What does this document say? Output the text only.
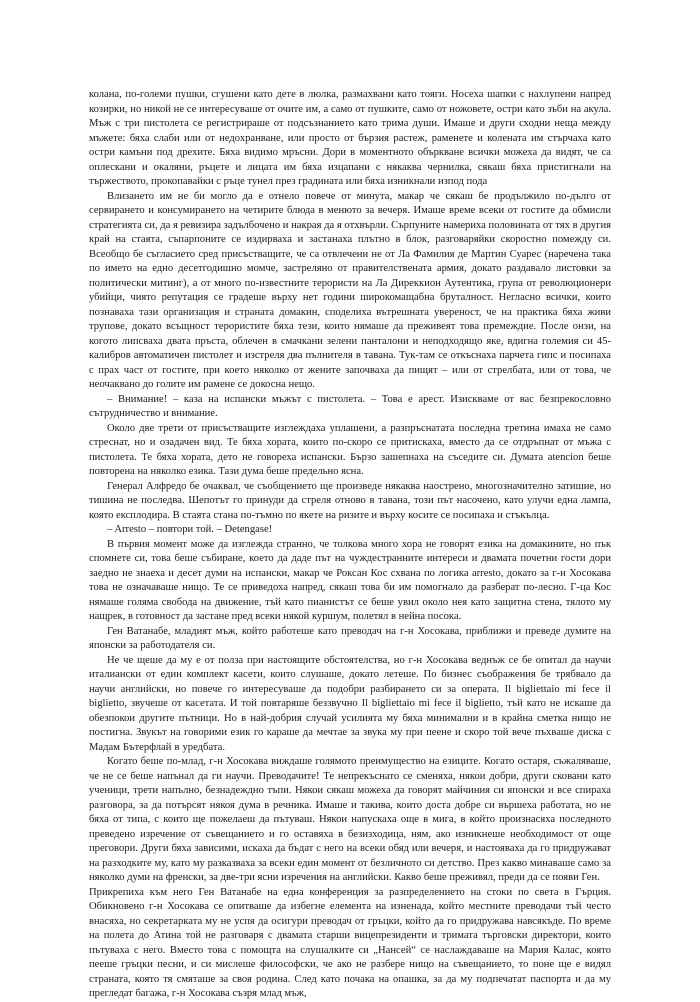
колана, по-големи пушки, сгушени като дете в люлка, размахвани като тояги. Носеха шапки с нахлупени напред козирки, но никой не се интересуваше от очите им, а само от пушките, само от ножовете, остри като зъби на акула. Мъж с три пистолета се регистрираше от подсъзнанието като трима души. Имаше и други сходни неща между мъжете: бяха слаби или от недохранване, или просто от бързия растеж, раменете и колената им стърчаха като остри камъни под дрехите. Бяха видимо мръсни. Дори в моментното объркване всички можеха да видят, че са оплескани и окаляни, ръцете и лицата им бяха изцапани с някаква чернилка, сякаш бяха пристигнали на тържеството, прокопавайки с ръце тунел през градината или бяха изникнали изпод пода

Влизането им не би могло да е отнело повече от минута, макар че сякаш бе продължило по-дълго от сервирането и консумирането на четирите блюда в менюто за вечеря. Имаше време всеки от гостите да обмисли стратегията си, да я ревизира задълбочено и накрая да я отхвърли. Сърпуните намериха половината от тях в другия край на стаята, съпарпоните се издирваха и застанаха плътно в блок, разговаряйки скоростно помежду си. Всеобщо бе съгласието сред присъстващите, че са отвлечени не от Ла Фамилия де Мартин Суарес (наречена така по името на едно десетгодишно момче, застреляно от правителствената армия, докато раздавало листовки за политически митинг), а от много по-известните терористи на Ла Диреккион Аутентика, група от революционери убийци, чиято репутация се градеше върху нет години широкомащабна бруталност. Негласно всички, които познаваха тази организация и страната домакин, споделиха вътрешната увереност, че на практика бяха живи трупове, докато всъщност терористите бяха тези, които нямаше да преживеят това премеждие. После онзи, на когото липсваха двата пръста, облечен в смачкани зелени панталони и неподходящо яке, вдигна големия си 45-калибров автоматичен пистолет и изстреля два пълнителя в тавана. Тук-там се откъснаха парчета гипс и посипаха с прах част от гостите, при което няколко от жените започваха да пищят – или от стрелбата, или от това, че неочаквано до голите им рамене се докосна нещо.

– Внимание! – каза на испански мъжът с пистолета. – Това е арест. Изискваме от вас безпрекословно сътрудничество и внимание.

Около две трети от присъстващите изглеждаха уплашени, а разпръснатата последна третина имаха не само стреснат, но и озадачен вид. Те бяха хората, които по-скоро се притискаха, вместо да се отдръпнат от мъжа с пистолета. Те бяха хората, дето не говореха испански. Бързо зашепнаха на съседите си. Думата atencion беше повторена на няколко езика. Тази дума беше предельно ясна.

Генерал Алфредо бе очаквал, че съобщението ще произведе някаква наострено, многозначително затишие, но тишина не последва. Шепотът го принуди да стреля отново в тавана, този път насочено, като улучи една лампа, която експлодира. В стаята стана по-тъмно по якете на ризите и върху косите се посипаха и стъкълца.

– Arresto – повтори той. – Detengase!

В първия момент може да изглежда странно, че толкова много хора не говорят езика на домакините, но пък спомнете си, това беше събиране, което да даде път на чуждестранните интереси и двамата почетни гости дори заедно не знаеха и десет думи на испански, макар че Роксан Кос схвана по логика arresto, докато за г-н Хосокава това не означаваше нищо. Те се приведоха напред, сякаш това би им помогнало да разберат по-лесно. Г-ца Кос нямаше голяма свобода на движение, тъй като пианистът се беше увил около нея като защитна стена, тялото му нащрек, в готовност да застане пред всеки някой куршум, полетял в нейна посока.

Ген Ватанабе, младият мъж, който работеше като преводач на г-н Хосокава, приближи и преведе думите на японски за работодателя си.

Не че щеше да му е от полза при настоящите обстоятелства, но г-н Хосокава веднъж се бе опитал да научи италиански от един комплект касети, които слушаше, докато летеше. По бизнес съображения бе трябвало да научи английски, но повече го интересуваше да подобри разбирането си за операта. Il bigliettaio mi fece il biglietto, звучеше от касетата. И той повтаряше беззвучно Il bigliettaio mi fece il biglietto, тъй като не искаше да обезпокои другите пътници. Но в най-добрия случай усилията му бяха минимални и в крайна сметка нищо не постигна. Звукът на говорими език го караше да мечтае за звука му при пеене и скоро той вече пъхваше диска с Мадам Бътерфлай в уредбата.

Когато беше по-млад, г-н Хосокава виждаше голямото преимущество на езиците. Когато остаря, съжаляваше, че не се беше напънал да ги научи. Преводачите! Те непрекъснато се сменяха, някои добри, други сковани като ученици, трети напълно, безнадеждно тъпи. Някои сякаш можеха да говорят майчиния си японски и все спираха разговора, за да потърсят някоя дума в речника. Имаше и такива, които доста добре си вършеха работата, но не бяха от типа, с които ще пожелаеш да пътуваш. Някои напускаха още в мига, в който произнасяха последното преведено изречение от съвещанието и го оставяха в безизходица, ням, ако изникнеше необходимост от още преговори. Други бяха зависими, искаха да бъдат с него на всеки обяд или вечеря, и настояваха да го придружават на разходките му, като му разказваха за всеки един момент от безличното си детство. През какво минаваше само за няколко думи на френски, за две-три ясни изречения на английски. Какво беше преживял, преди да се появи Ген.

Прикрепиха към него Ген Ватанабе на една конференция за разпределението на стоки по света в Гърция. Обикновено г-н Хосокава се опитваше да избегне елемента на изненада, който местните преводачи тъй често внасяха, но секретарката му не успя да осигури преводач от гръцки, който да го придружава навсякъде. По време на полета до Атина той не разговаря с двамата старши вицепрезиденти и тримата търговски директори, които пътуваха с него. Вместо това с помощта на слушалките си „Нансей“ се наслаждаваше на Мария Калас, която пееше гръцки песни, и си мислеше философски, че ако не разбере нищо на съвещанието, то поне ще е видял страната, която тя смяташе за своя родина. След като почака на опашка, за да му подпечатат паспорта и да му прегледат багажа, г-н Хосокава съзря млад мъж,
